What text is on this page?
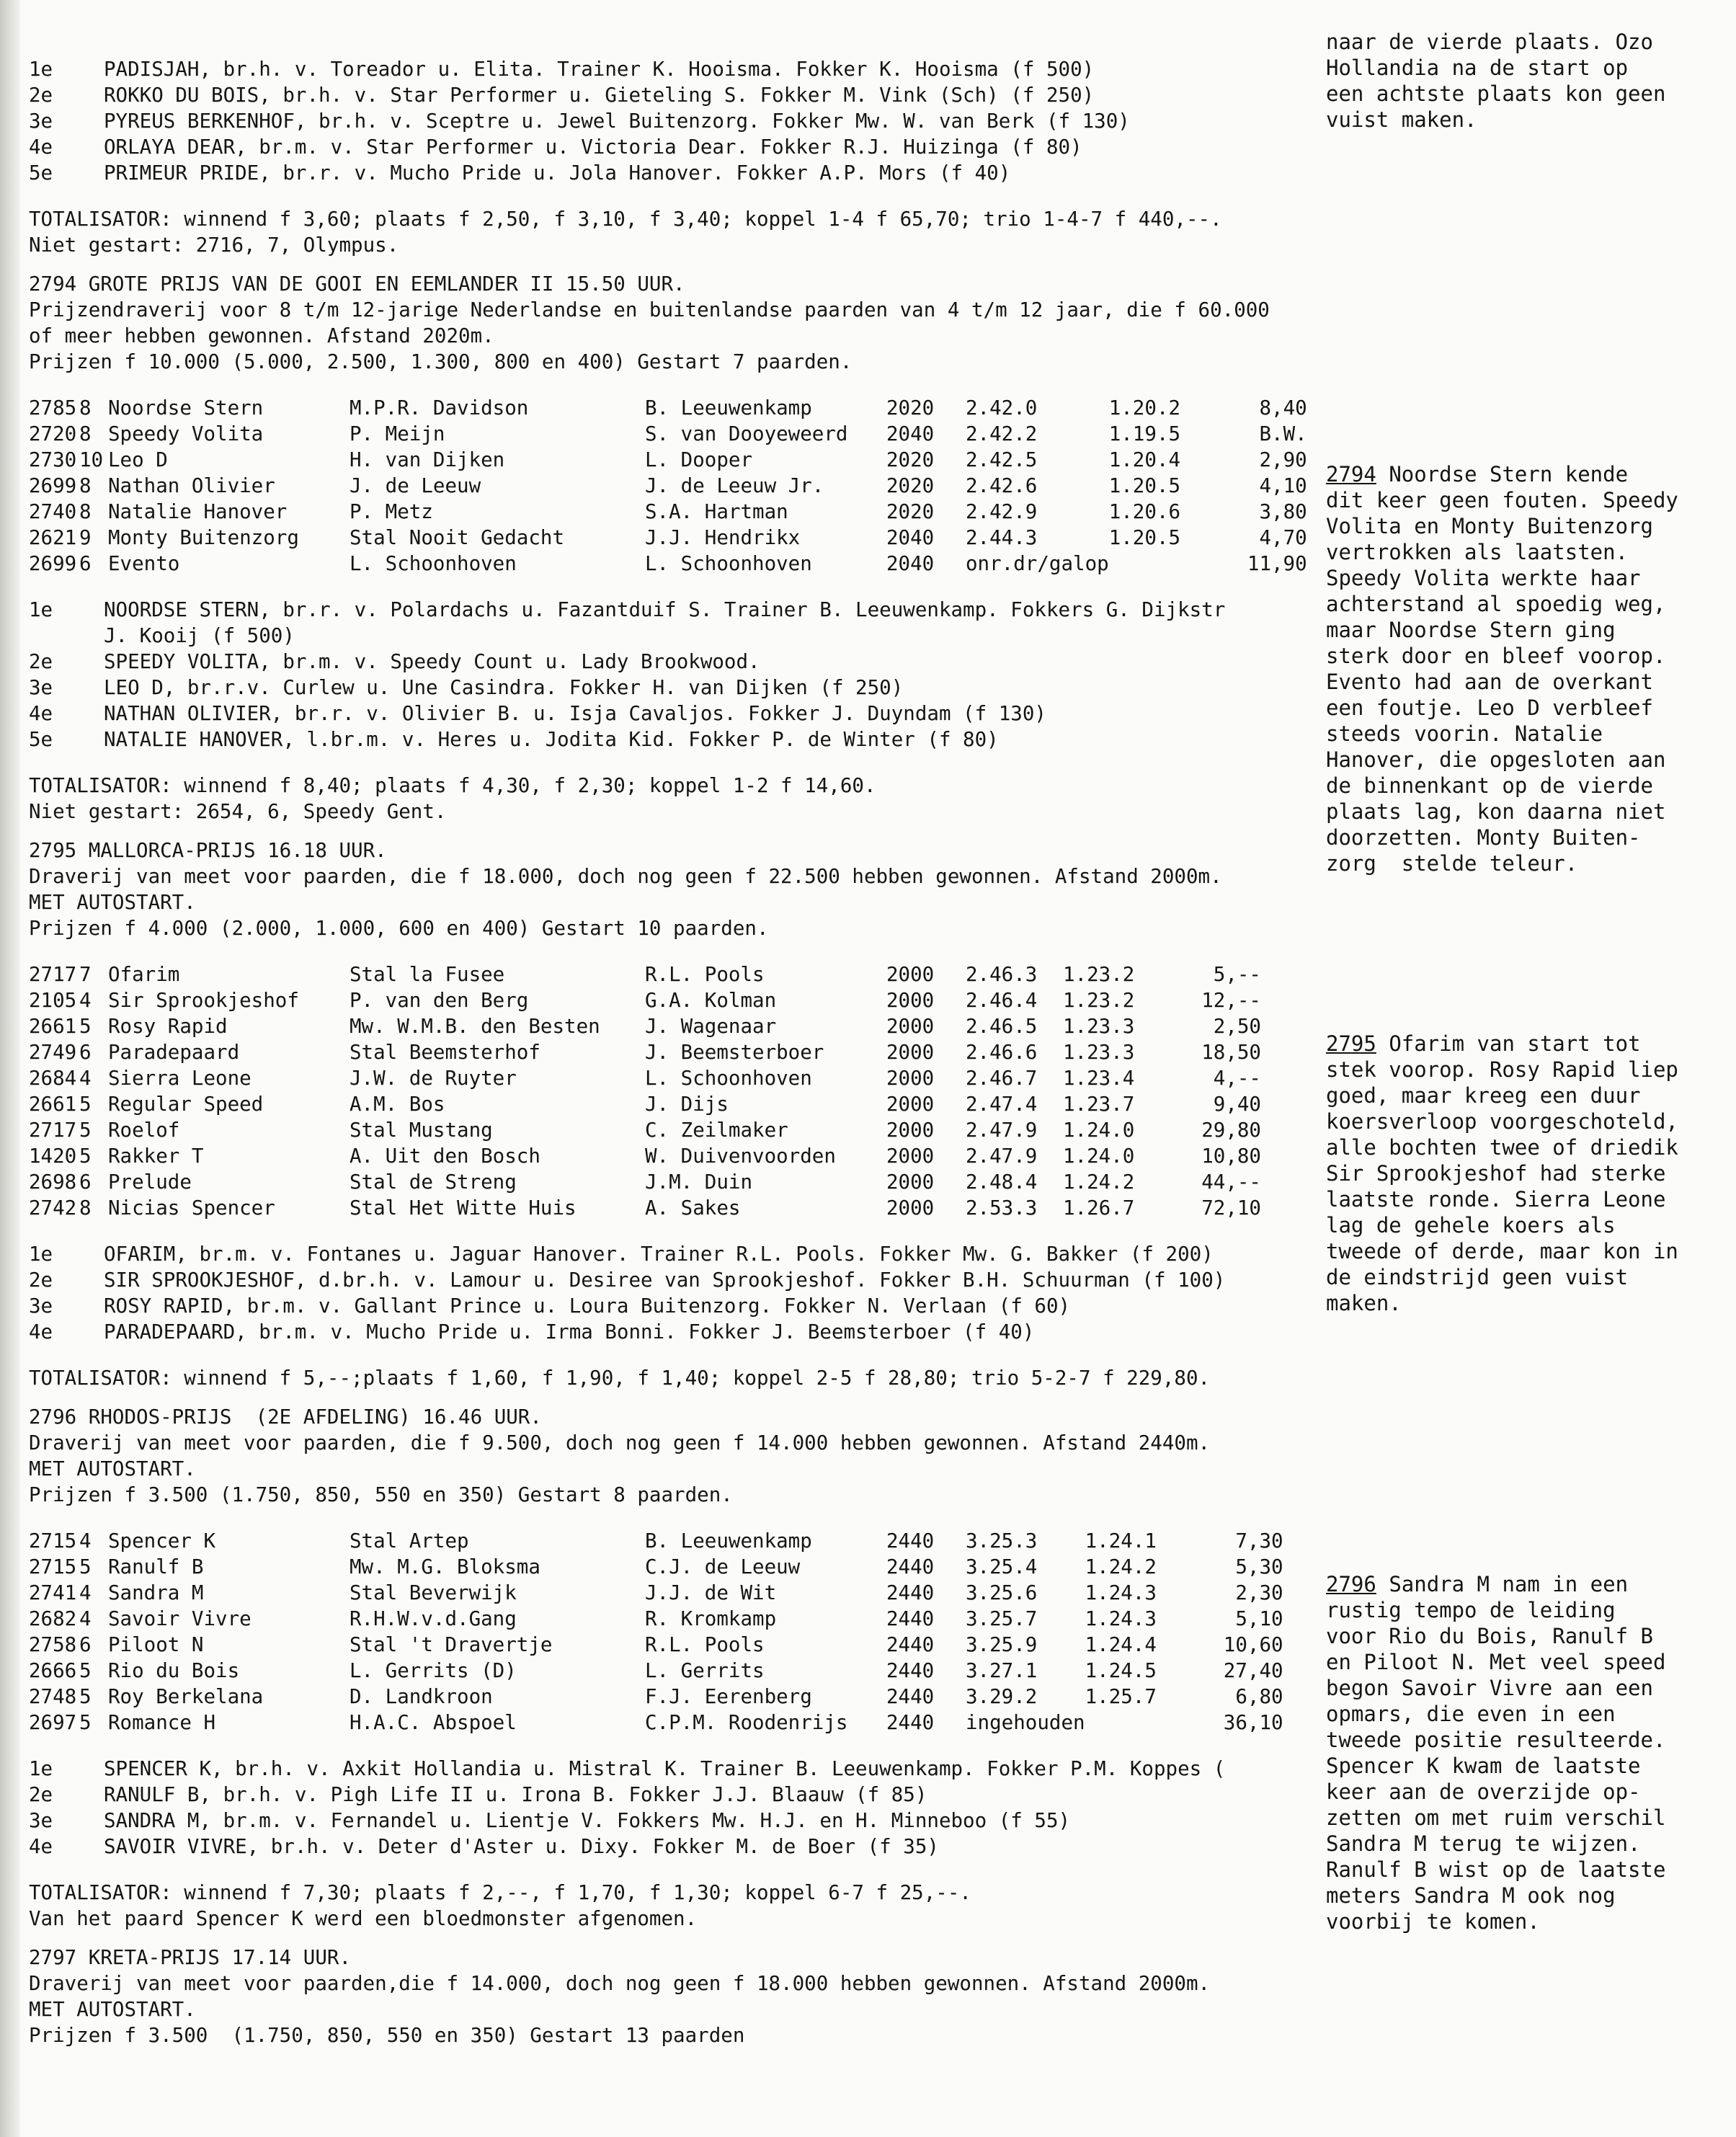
naar de vierde plaats. Ozo
Hollandia na de start op
een achtste plaats kon geen
vuist maken.
2794 Noordse Stern kende
dit keer geen fouten. Speedy
Volita en Monty Buitenzorg
vertrokken als laatsten.
Speedy Volita werkte haar
achterstand al spoedig weg,
maar Noordse Stern ging
sterk door en bleef voorop.
Evento had aan de overkant
een foutje. Leo D verbleef
steeds voorin. Natalie
Hanover, die opgesloten aan
de binnenkant op de vierde
plaats lag, kon daarna niet
doorzetten. Monty Buiten-
zorg  stelde teleur.
2795 Ofarim van start tot
stek voorop. Rosy Rapid liep
goed, maar kreeg een duur
koersverloop voorgeschoteld,
alle bochten twee of driedik
Sir Sprookjeshof had sterke
laatste ronde. Sierra Leone
lag de gehele koers als
tweede of derde, maar kon in
de eindstrijd geen vuist
maken.
2796 Sandra M nam in een
rustig tempo de leiding
voor Rio du Bois, Ranulf B
en Piloot N. Met veel speed
begon Savoir Vivre aan een
opmars, die even in een
tweede positie resulteerde.
Spencer K kwam de laatste
keer aan de overzijde op-
zetten om met ruim verschil
Sandra M terug te wijzen.
Ranulf B wist op de laatste
meters Sandra M ook nog
voorbij te komen.
1e	PADISJAH, br.h. v. Toreador u. Elita. Trainer K. Hooisma. Fokker K. Hooisma (f 500)
2e	ROKKO DU BOIS, br.h. v. Star Performer u. Gieteling S. Fokker M. Vink (Sch) (f 250)
3e	PYREUS BERKENHOF, br.h. v. Sceptre u. Jewel Buitenzorg. Fokker Mw. W. van Berk (f 130)
4e	ORLAYA DEAR, br.m. v. Star Performer u. Victoria Dear. Fokker R.J. Huizinga (f 80)
5e	PRIMEUR PRIDE, br.r. v. Mucho Pride u. Jola Hanover. Fokker A.P. Mors (f 40)
TOTALISATOR: winnend f 3,60; plaats f 2,50, f 3,10, f 3,40; koppel 1-4 f 65,70; trio 1-4-7 f 440,--.
Niet gestart: 2716, 7, Olympus.
2794 GROTE PRIJS VAN DE GOOI EN EEMLANDER II 15.50 UUR.
Prijzendraverij voor 8 t/m 12-jarige Nederlandse en buitenlandse paarden van 4 t/m 12 jaar, die f 60.000
of meer hebben gewonnen. Afstand 2020m.
Prijzen f 10.000 (5.000, 2.500, 1.300, 800 en 400) Gestart 7 paarden.
2785	8	Noordse Stern	M.P.R. Davidson	B. Leeuwenkamp	2020	2.42.0	1.20.2	8,40
2720	8	Speedy Volita	P. Meijn	S. van Dooyeweerd	2040	2.42.2	1.19.5	B.W.
2730	10	Leo D	H. van Dijken	L. Dooper	2020	2.42.5	1.20.4	2,90
2699	8	Nathan Olivier	J. de Leeuw	J. de Leeuw Jr.	2020	2.42.6	1.20.5	4,10
2740	8	Natalie Hanover	P. Metz	S.A. Hartman	2020	2.42.9	1.20.6	3,80
2621	9	Monty Buitenzorg	Stal Nooit Gedacht	J.J. Hendrikx	2040	2.44.3	1.20.5	4,70
2699	6	Evento	L. Schoonhoven	L. Schoonhoven	2040	onr.dr/galop		11,90
1e	NOORDSE STERN, br.r. v. Polardachs u. Fazantduif S. Trainer B. Leeuwenkamp. Fokkers G. Dijkstr
J. Kooij (f 500)
2e	SPEEDY VOLITA, br.m. v. Speedy Count u. Lady Brookwood.
3e	LEO D, br.r.v. Curlew u. Une Casindra. Fokker H. van Dijken (f 250)
4e	NATHAN OLIVIER, br.r. v. Olivier B. u. Isja Cavaljos. Fokker J. Duyndam (f 130)
5e	NATALIE HANOVER, l.br.m. v. Heres u. Jodita Kid. Fokker P. de Winter (f 80)
TOTALISATOR: winnend f 8,40; plaats f 4,30, f 2,30; koppel 1-2 f 14,60.
Niet gestart: 2654, 6, Speedy Gent.
2795 MALLORCA-PRIJS 16.18 UUR.
Draverij van meet voor paarden, die f 18.000, doch nog geen f 22.500 hebben gewonnen. Afstand 2000m.
MET AUTOSTART.
Prijzen f 4.000 (2.000, 1.000, 600 en 400) Gestart 10 paarden.
2717	7	Ofarim	Stal la Fusee	R.L. Pools	2000	2.46.3	1.23.2	5,--
2105	4	Sir Sprookjeshof	P. van den Berg	G.A. Kolman	2000	2.46.4	1.23.2	12,--
2661	5	Rosy Rapid	Mw. W.M.B. den Besten	J. Wagenaar	2000	2.46.5	1.23.3	2,50
2749	6	Paradepaard	Stal Beemsterhof	J. Beemsterboer	2000	2.46.6	1.23.3	18,50
2684	4	Sierra Leone	J.W. de Ruyter	L. Schoonhoven	2000	2.46.7	1.23.4	4,--
2661	5	Regular Speed	A.M. Bos	J. Dijs	2000	2.47.4	1.23.7	9,40
2717	5	Roelof	Stal Mustang	C. Zeilmaker	2000	2.47.9	1.24.0	29,80
1420	5	Rakker T	A. Uit den Bosch	W. Duivenvoorden	2000	2.47.9	1.24.0	10,80
2698	6	Prelude	Stal de Streng	J.M. Duin	2000	2.48.4	1.24.2	44,--
2742	8	Nicias Spencer	Stal Het Witte Huis	A. Sakes	2000	2.53.3	1.26.7	72,10
1e	OFARIM, br.m. v. Fontanes u. Jaguar Hanover. Trainer R.L. Pools. Fokker Mw. G. Bakker (f 200)
2e	SIR SPROOKJESHOF, d.br.h. v. Lamour u. Desiree van Sprookjeshof. Fokker B.H. Schuurman (f 100)
3e	ROSY RAPID, br.m. v. Gallant Prince u. Loura Buitenzorg. Fokker N. Verlaan (f 60)
4e	PARADEPAARD, br.m. v. Mucho Pride u. Irma Bonni. Fokker J. Beemsterboer (f 40)
TOTALISATOR: winnend f 5,--;plaats f 1,60, f 1,90, f 1,40; koppel 2-5 f 28,80; trio 5-2-7 f 229,80.
2796 RHODOS-PRIJS  (2E AFDELING) 16.46 UUR.
Draverij van meet voor paarden, die f 9.500, doch nog geen f 14.000 hebben gewonnen. Afstand 2440m.
MET AUTOSTART.
Prijzen f 3.500 (1.750, 850, 550 en 350) Gestart 8 paarden.
2715	4	Spencer K	Stal Artep	B. Leeuwenkamp	2440	3.25.3	1.24.1	7,30
2715	5	Ranulf B	Mw. M.G. Bloksma	C.J. de Leeuw	2440	3.25.4	1.24.2	5,30
2741	4	Sandra M	Stal Beverwijk	J.J. de Wit	2440	3.25.6	1.24.3	2,30
2682	4	Savoir Vivre	R.H.W.v.d.Gang	R. Kromkamp	2440	3.25.7	1.24.3	5,10
2758	6	Piloot N	Stal 't Dravertje	R.L. Pools	2440	3.25.9	1.24.4	10,60
2666	5	Rio du Bois	L. Gerrits (D)	L. Gerrits	2440	3.27.1	1.24.5	27,40
2748	5	Roy Berkelana	D. Landkroon	F.J. Eerenberg	2440	3.29.2	1.25.7	6,80
2697	5	Romance H	H.A.C. Abspoel	C.P.M. Roodenrijs	2440	ingehouden		36,10
1e	SPENCER K, br.h. v. Axkit Hollandia u. Mistral K. Trainer B. Leeuwenkamp. Fokker P.M. Koppes (
2e	RANULF B, br.h. v. Pigh Life II u. Irona B. Fokker J.J. Blaauw (f 85)
3e	SANDRA M, br.m. v. Fernandel u. Lientje V. Fokkers Mw. H.J. en H. Minneboo (f 55)
4e	SAVOIR VIVRE, br.h. v. Deter d'Aster u. Dixy. Fokker M. de Boer (f 35)
TOTALISATOR: winnend f 7,30; plaats f 2,--, f 1,70, f 1,30; koppel 6-7 f 25,--.
Van het paard Spencer K werd een bloedmonster afgenomen.
2797 KRETA-PRIJS 17.14 UUR.
Draverij van meet voor paarden,die f 14.000, doch nog geen f 18.000 hebben gewonnen. Afstand 2000m.
MET AUTOSTART.
Prijzen f 3.500  (1.750, 850, 550 en 350) Gestart 13 paarden
